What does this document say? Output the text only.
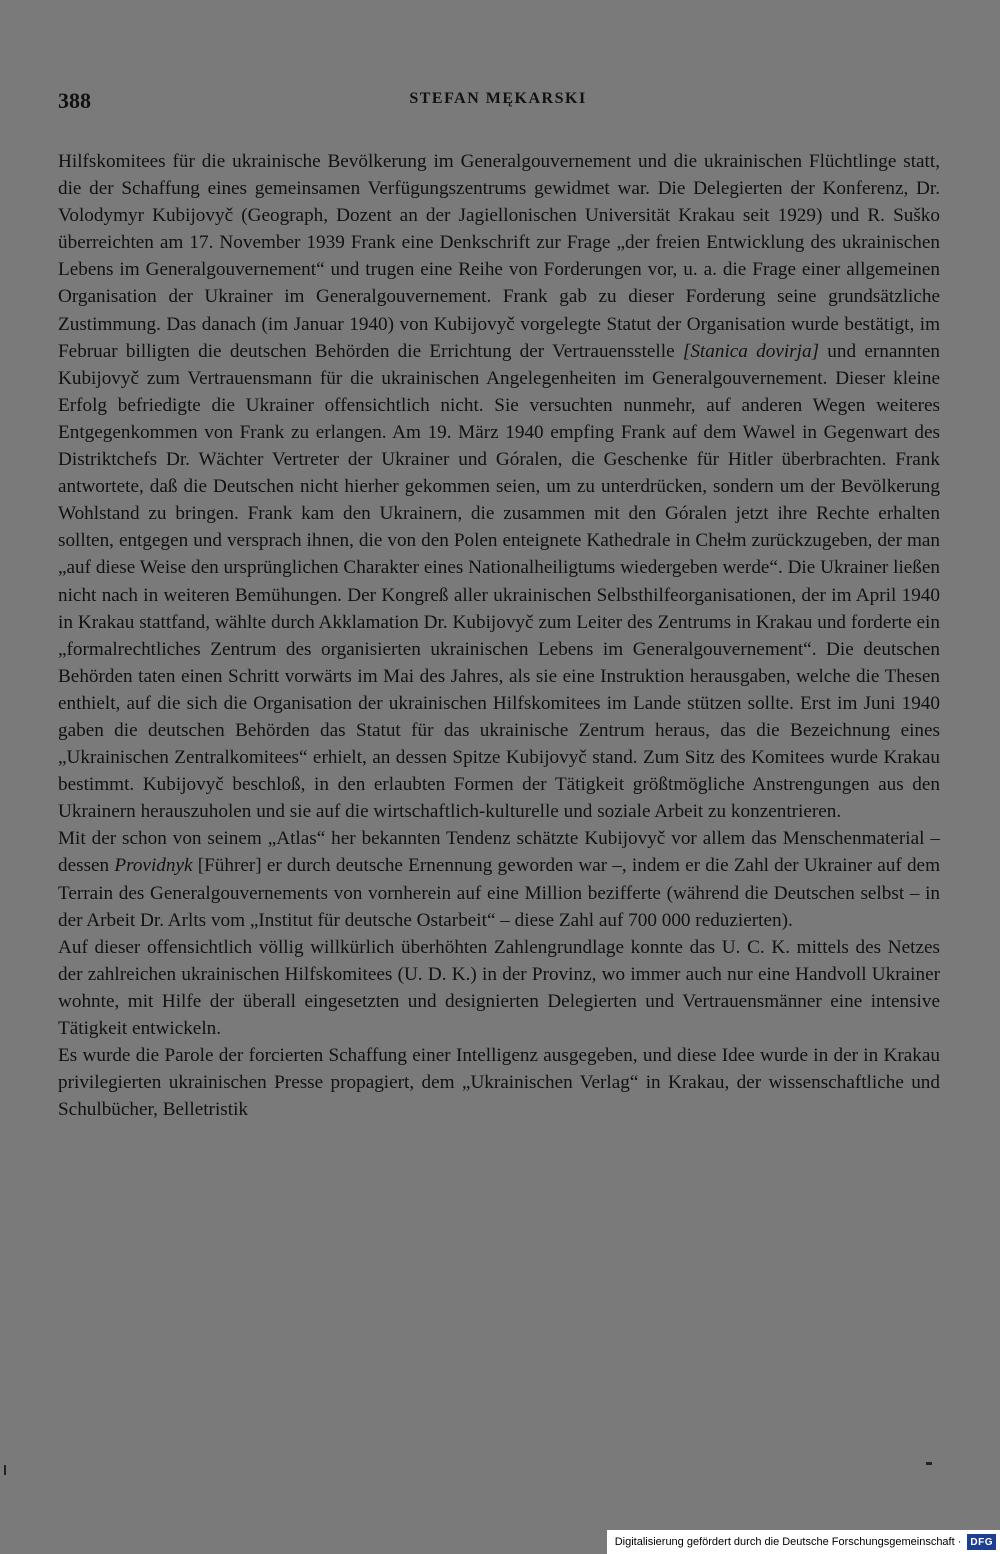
388	STEFAN MĘKARSKI

Hilfskomitees für die ukrainische Bevölkerung im Generalgouvernement und die ukrainischen Flüchtlinge statt, die der Schaffung eines gemeinsamen Verfügungszentrums gewidmet war. Die Delegierten der Konferenz, Dr. Volodymyr Kubijovyč (Geograph, Dozent an der Jagiellonischen Universität Krakau seit 1929) und R. Suško überreichten am 17. November 1939 Frank eine Denkschrift zur Frage „der freien Entwicklung des ukrainischen Lebens im Generalgouvernement“ und trugen eine Reihe von Forderungen vor, u. a. die Frage einer allgemeinen Organisation der Ukrainer im Generalgouvernement. Frank gab zu dieser Forderung seine grundsätzliche Zustimmung. Das danach (im Januar 1940) von Kubijovyč vorgelegte Statut der Organisation wurde bestätigt, im Februar billigten die deutschen Behörden die Errichtung der Vertrauensstelle [Stanica dovirja] und ernannten Kubijovyč zum Vertrauensmann für die ukrainischen Angelegenheiten im Generalgouvernement. Dieser kleine Erfolg befriedigte die Ukrainer offensichtlich nicht. Sie versuchten nunmehr, auf anderen Wegen weiteres Entgegenkommen von Frank zu erlangen. Am 19. März 1940 empfing Frank auf dem Wawel in Gegenwart des Distriktchefs Dr. Wächter Vertreter der Ukrainer und Góralen, die Geschenke für Hitler überbrachten. Frank antwortete, daß die Deutschen nicht hierher gekommen seien, um zu unterdrücken, sondern um der Bevölkerung Wohlstand zu bringen. Frank kam den Ukrainern, die zusammen mit den Góralen jetzt ihre Rechte erhalten sollten, entgegen und versprach ihnen, die von den Polen enteignete Kathedrale in Chełm zurückzugeben, der man „auf diese Weise den ursprünglichen Charakter eines Nationalheiligtums wiedergeben werde“. Die Ukrainer ließen nicht nach in weiteren Bemühungen. Der Kongreß aller ukrainischen Selbsthilfeorganisationen, der im April 1940 in Krakau stattfand, wählte durch Akklamation Dr. Kubijovyč zum Leiter des Zentrums in Krakau und forderte ein „formalrechtliches Zentrum des organisierten ukrainischen Lebens im Generalgouvernement“. Die deutschen Behörden taten einen Schritt vorwärts im Mai des Jahres, als sie eine Instruktion herausgaben, welche die Thesen enthielt, auf die sich die Organisation der ukrainischen Hilfskomitees im Lande stützen sollte. Erst im Juni 1940 gaben die deutschen Behörden das Statut für das ukrainische Zentrum heraus, das die Bezeichnung eines „Ukrainischen Zentralkomitees“ erhielt, an dessen Spitze Kubijovyč stand. Zum Sitz des Komitees wurde Krakau bestimmt. Kubijovyč beschloß, in den erlaubten Formen der Tätigkeit größtmögliche Anstrengungen aus den Ukrainern herauszuholen und sie auf die wirtschaftlich-kulturelle und soziale Arbeit zu konzentrieren.

Mit der schon von seinem „Atlas“ her bekannten Tendenz schätzte Kubijovyč vor allem das Menschenmaterial – dessen Providnyk [Führer] er durch deutsche Ernennung geworden war –, indem er die Zahl der Ukrainer auf dem Terrain des Generalgouvernements von vornherein auf eine Million bezifferte (während die Deutschen selbst – in der Arbeit Dr. Arlts vom „Institut für deutsche Ostarbeit“ – diese Zahl auf 700 000 reduzierten).

Auf dieser offensichtlich völlig willkürlich überhöhten Zahlengrundlage konnte das U. C. K. mittels des Netzes der zahlreichen ukrainischen Hilfskomitees (U. D. K.) in der Provinz, wo immer auch nur eine Handvoll Ukrainer wohnte, mit Hilfe der überall eingesetzten und designierten Delegierten und Vertrauensmänner eine intensive Tätigkeit entwickeln.

Es wurde die Parole der forcierten Schaffung einer Intelligenz ausgegeben, und diese Idee wurde in der in Krakau privilegierten ukrainischen Presse propagiert, dem „Ukrainischen Verlag“ in Krakau, der wissenschaftliche und Schulbücher, Belletristik

Digitalisierung gefördert durch die Deutsche Forschungsgemeinschaft · DFG
